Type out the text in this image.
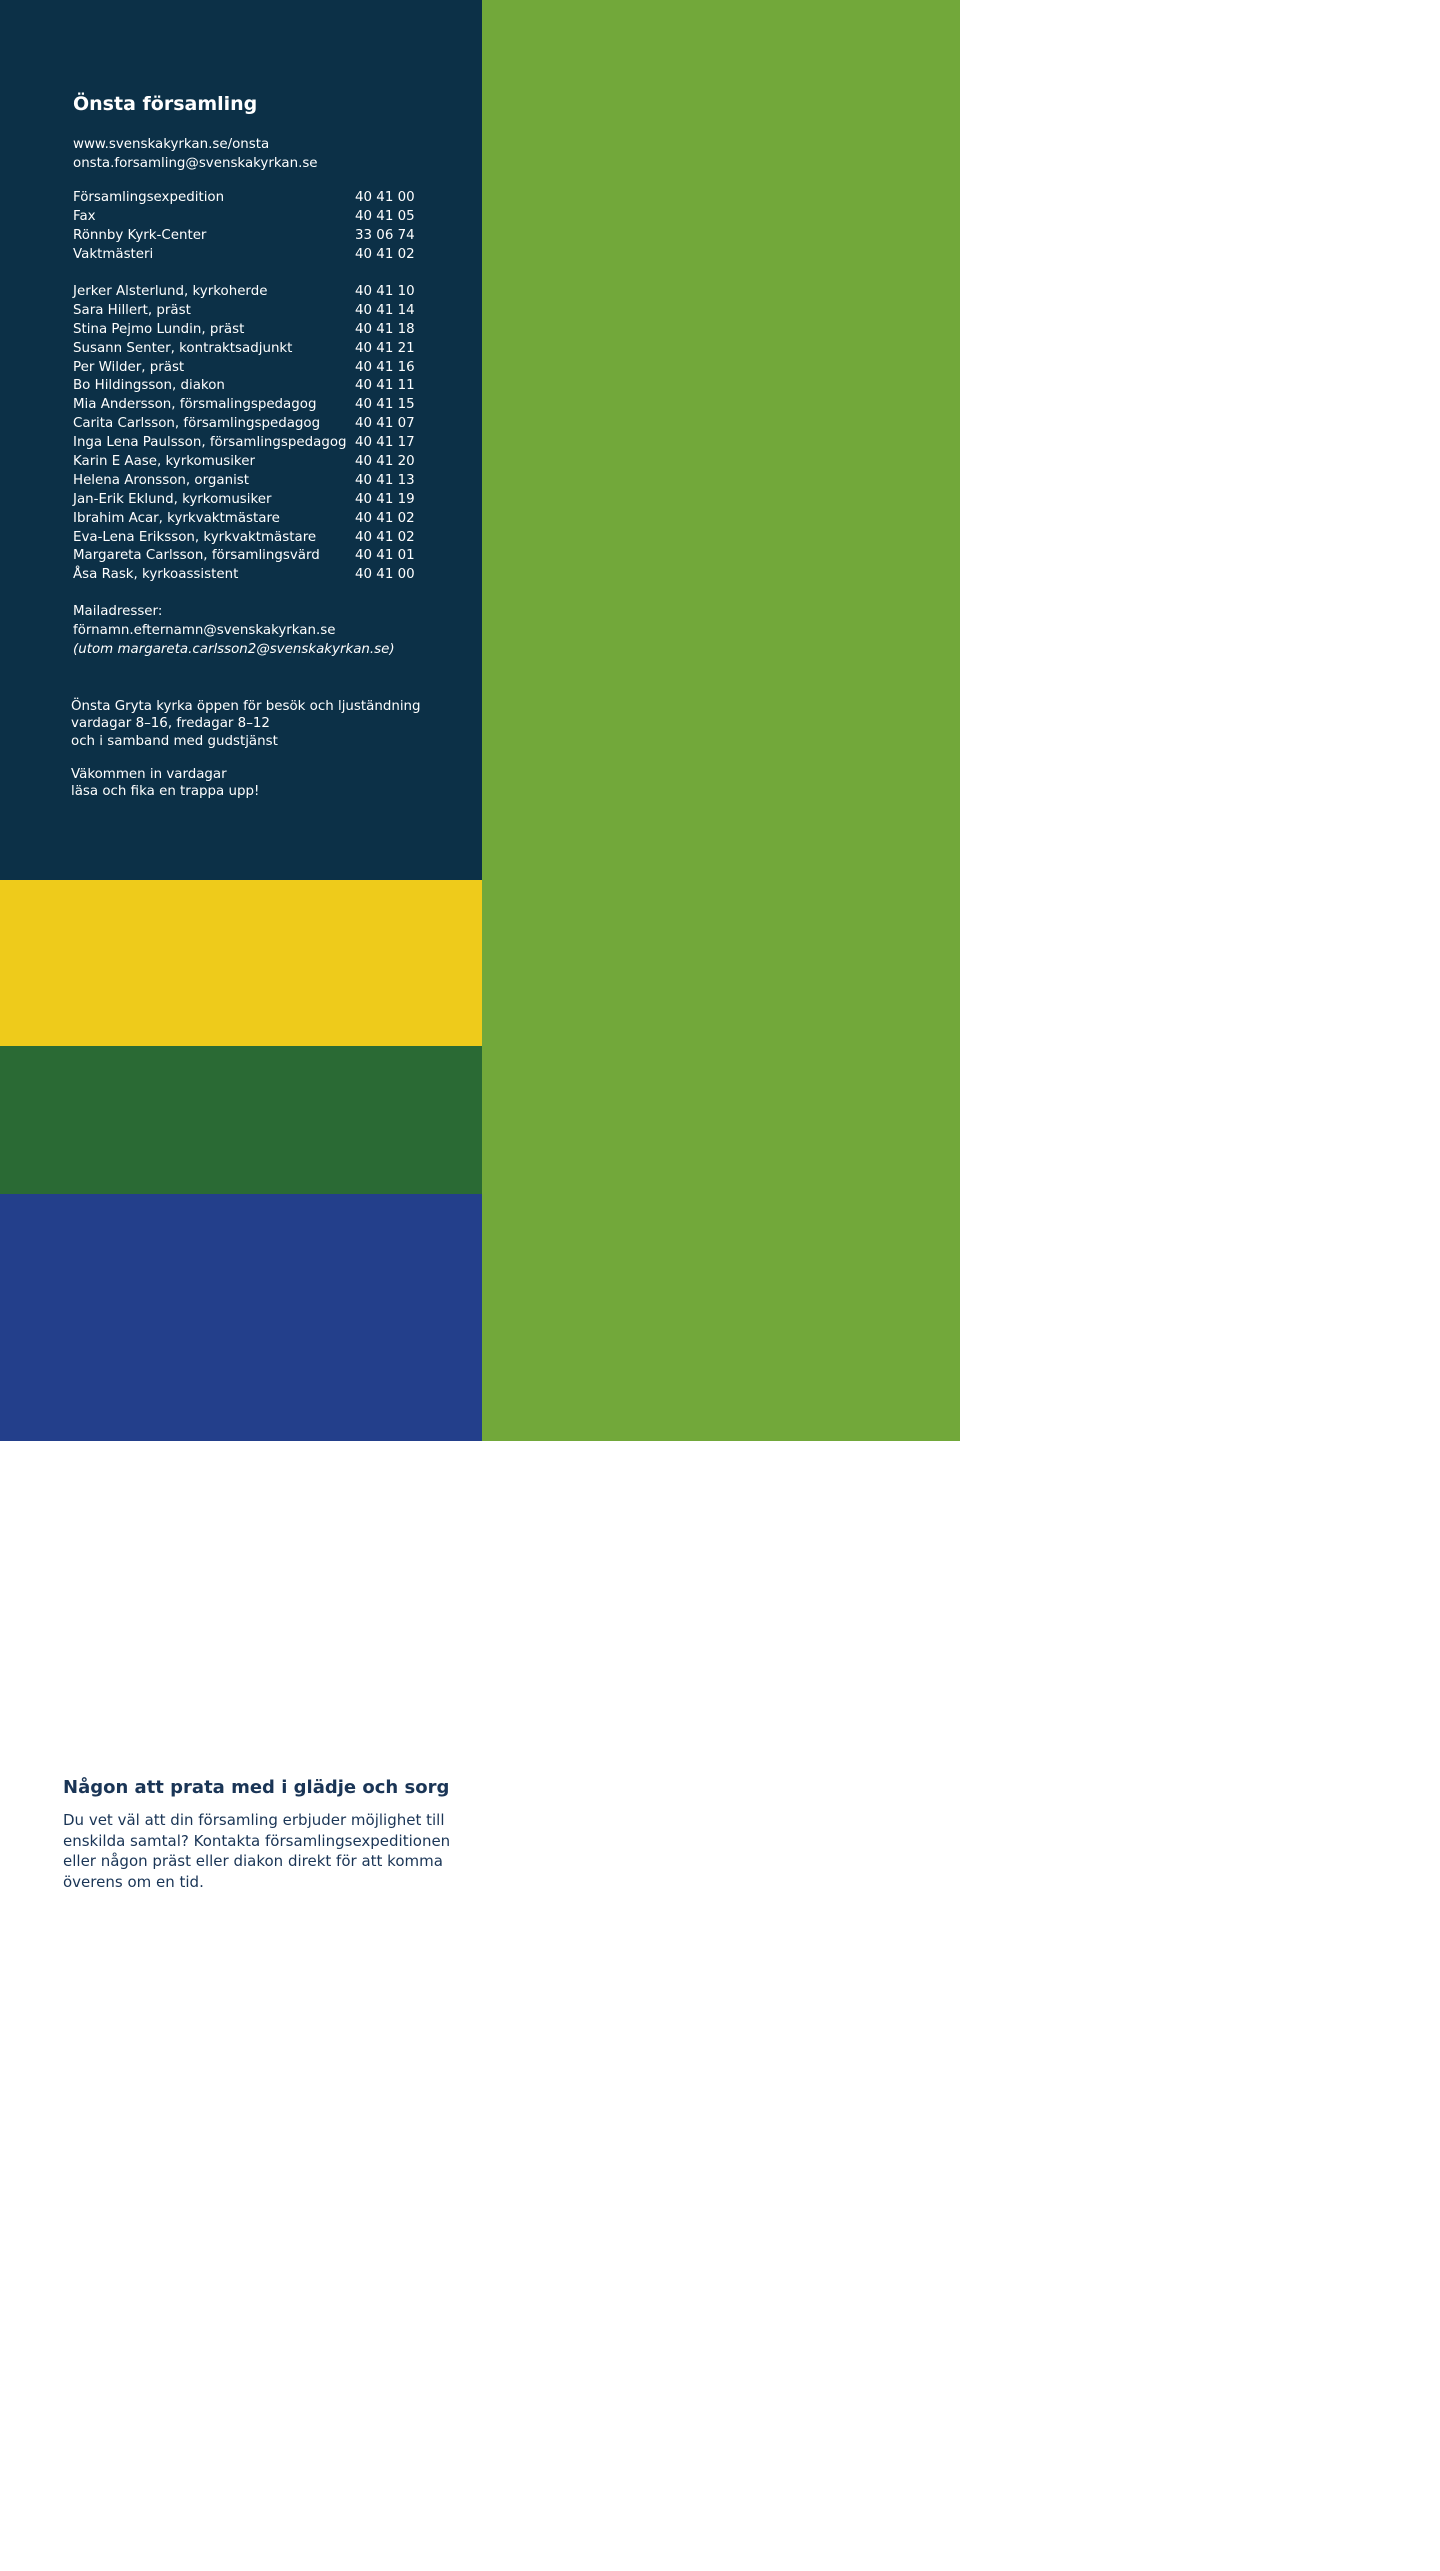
Önsta församling
www.svenskakyrkan.se/onsta
onsta.forsamling@svenskakyrkan.se
Församlingsexpedition	40 41 00
Fax	40 41 05
Rönnby Kyrk-Center	33 06 74
Vaktmästeri	40 41 02
Jerker Alsterlund, kyrkoherde	40 41 10
Sara Hillert, präst	40 41 14
Stina Pejmo Lundin, präst	40 41 18
Susann Senter, kontraktsadjunkt	40 41 21
Per Wilder, präst	40 41 16
Bo Hildingsson, diakon	40 41 11
Mia Andersson, försmalingspedagog	40 41 15
Carita Carlsson, församlingspedagog	40 41 07
Inga Lena Paulsson, församlingspedagog 40 41 17
Karin E Aase, kyrkomusiker	40 41 20
Helena Aronsson, organist	40 41 13
Jan-Erik Eklund, kyrkomusiker	40 41 19
Ibrahim Acar, kyrkvaktmästare	40 41 02
Eva-Lena Eriksson, kyrkvaktmästare	40 41 02
Margareta Carlsson, församlingsvärd	40 41 01
Åsa Rask, kyrkoassistent	40 41 00
Mailadresser:
förnamn.efternamn@svenskakyrkan.se
(utom margareta.carlsson2@svenskakyrkan.se)
Önsta Gryta kyrka öppen för besök och ljuständning
vardagar 8–16, fredagar 8–12
och i samband med gudstjänst
Väkommen in vardagar
läsa och fika en trappa upp!
Någon att prata med i glädje och sorg
Du vet väl att din församling erbjuder möjlighet till enskilda samtal? Kontakta församlingsexpeditionen eller någon präst eller diakon direkt för att komma överens om en tid.
Dopkaffe eller Minnesstund?
Du känner väl till att församlingen gärna hyr ut Mariasalen i Önsta Gryta kyrka och samlingssalen på Rönnby-Kyrk Center.
Vill ni döpa ert barn?
Vill du själv bli döpt?
Önsta församling erbjuder generösa doptider. I hemmet eller i någon av våra kyrkor. På helgerna finns det särskilda doptider. Även under vardagarna finns det möjlighet att döpas. Kontakta församlingsexpeditionen för mer information.
Nåd att vara nöjd,
eller att alltid vilja förändra?

ÄR DET NÅGON SOM SKULLE VILJA KÄNNA SIG RIKTIGT NÖJD? KÄNNA ATT MAN HAR UPPNÅTT NÅGONTING I LIVET SOM GÖR ATT MAN BARA VILL FORTSÄTTA OCH MÅ SÅ DÄR BRA HELA TIDEN, OCH INTE VILJA FÖRÄNDRA NÅGONTING. Att vara nöjd, är någonting som vi längtar efter, men som vi ibland förlöjligar också. Man kan vara lite avundsjuk på en människa som är nöjd och tillfreds. Ofta kritiserar man nöjda människor också; att de inte tar vara på sina möjligheter, att de förtvinar i sin liknöjdhet. Vi längtar efter att bli nöjda, men vi uppfattar också liknöjdhet som ett lite torftigt liv.

Så finns det den andra ytterligheten, viljan att alltid förändra och utvecklas, möta nya utmaningar. Den här livsstilen uppmuntras mycket i vår tid. Det är ”fint” att alltid sträva vidare mot nya mål, både i yrkeslivet och hemma. I huset eller lägenheten måste vi alltid styla, förbättra, göra om, annars upplever vi tristess. Det finns knappast någon som köper ett matsalsbord med tanken på att man ska ha det resten av livet. Hänger man inte med i trenderna så blir snabbt hem och kläder ålderdomliga och ”fel”. Eftersom denna livsstil ligger i tiden och inte ifrågasätts kanske man skulle fråga om utveckling och förändring verkligen alltid ska vara ett egenvärde?

Jag fick höra av en insatt person att människor som verkligen lyckats här i livet och har båt, sommar- och vinterstuga, och härliga uteplatser och pool, aldrig hinner använda, njuta av det man har. Har man lyckats med livsstilen att förändra och ständigt få det bättre, har man helt enkelt ingen ro kvar i kroppen att sitta i vilstolen och njuta av den exklusiva utsikten man har erövrat. Inte heller hinner man njuta av båtlivet eller leva det enkla livet i sommarstugan. Det enda man vet är att man har alla dessa möjligheter i sitt liv. Och möjligheten att ”kunna” göra det man vill är viktigare än att faktiskt kunna njuta av framgångarna.

Skulle man kunna säga att för mycket växt och förändring blir lika tomt som att vara liknöjd och inte vilja någonting? Vill vi inte ha lite av ”både och…?” Vi vill verkligen hitta platser och stunder i livet som vi är fullkomligt nöjda med, och dit vill vi återvända många gånger. Men vi vill också följa vår nyfikenhet och göra nya saker som vi aldrig gjort förut.

Vi är utsatta för krafter som vill få oss att känna att det alltid fattas någonting i vårt liv. Men ärligt talat, TV-programmen blir inte bättre för att skärmen blir större, samtalen blir inte bättre för att vi talar i en nyare mobil. Jag tycker om utveckling och förändring, men det kan bli för mycket. Man skulle till och med kunna säga att det är mer miljövänligt att sitta i en vilstol med en paraplydrink och vara nöjd, än att ständigt känna bristen som gör att jag vill ändra och förnya allt hela tiden. Jag vill inte förbli sittande i ”nöjdhetens vilstol” men jag vill lyfta ”nöjdheten” som en motkraft till all ”utveckling” som bara leder till rastlöshet.

Jerker Alsterlund
